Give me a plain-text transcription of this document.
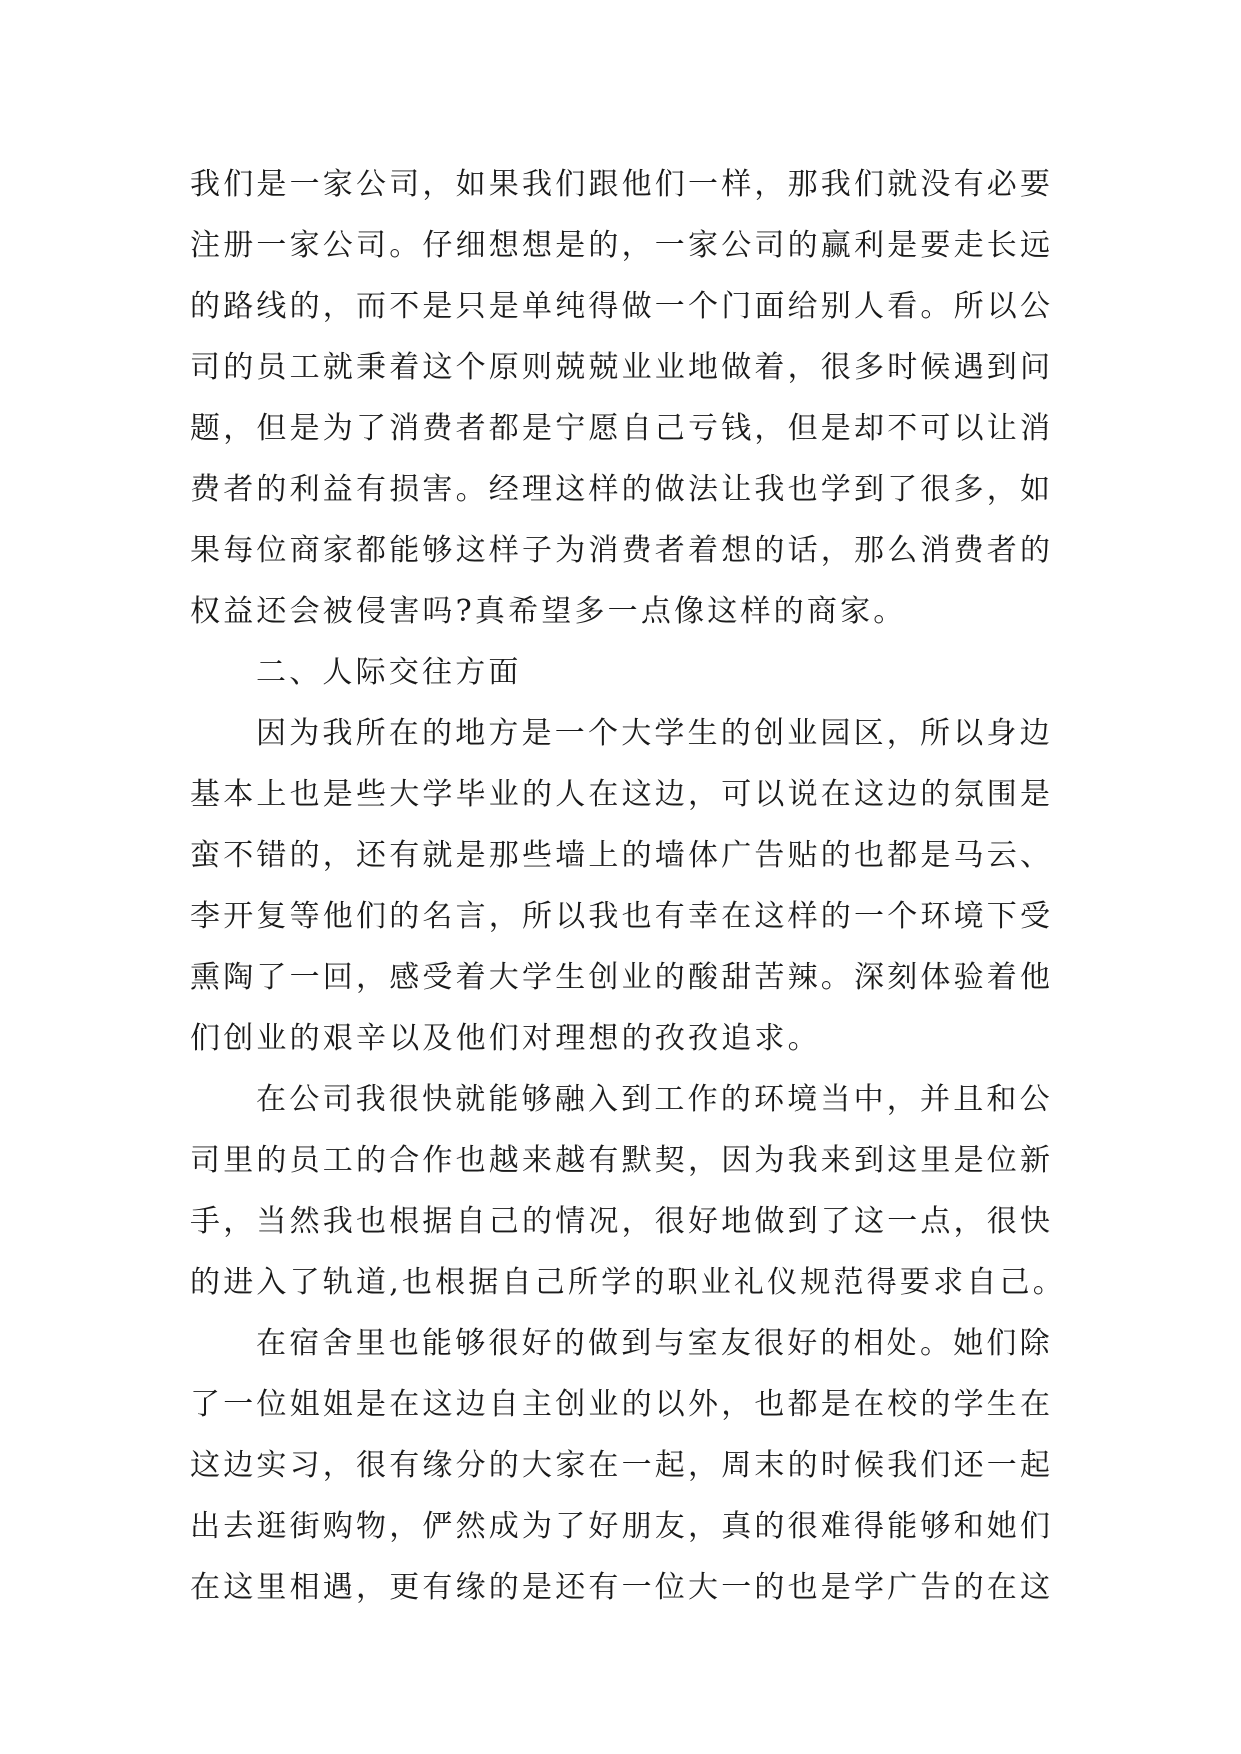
我们是一家公司，如果我们跟他们一样，那我们就没有必要
注册一家公司。仔细想想是的，一家公司的赢利是要走长远
的路线的，而不是只是单纯得做一个门面给别人看。所以公
司的员工就秉着这个原则兢兢业业地做着，很多时候遇到问
题，但是为了消费者都是宁愿自己亏钱，但是却不可以让消
费者的利益有损害。经理这样的做法让我也学到了很多，如
果每位商家都能够这样子为消费者着想的话，那么消费者的
权益还会被侵害吗?真希望多一点像这样的商家。
二、人际交往方面
因为我所在的地方是一个大学生的创业园区，所以身边
基本上也是些大学毕业的人在这边，可以说在这边的氛围是
蛮不错的，还有就是那些墙上的墙体广告贴的也都是马云、
李开复等他们的名言，所以我也有幸在这样的一个环境下受
熏陶了一回，感受着大学生创业的酸甜苦辣。深刻体验着他
们创业的艰辛以及他们对理想的孜孜追求。
在公司我很快就能够融入到工作的环境当中，并且和公
司里的员工的合作也越来越有默契，因为我来到这里是位新
手，当然我也根据自己的情况，很好地做到了这一点，很快
的进入了轨道,也根据自己所学的职业礼仪规范得要求自己。
在宿舍里也能够很好的做到与室友很好的相处。她们除
了一位姐姐是在这边自主创业的以外，也都是在校的学生在
这边实习，很有缘分的大家在一起，周末的时候我们还一起
出去逛街购物，俨然成为了好朋友，真的很难得能够和她们
在这里相遇，更有缘的是还有一位大一的也是学广告的在这
